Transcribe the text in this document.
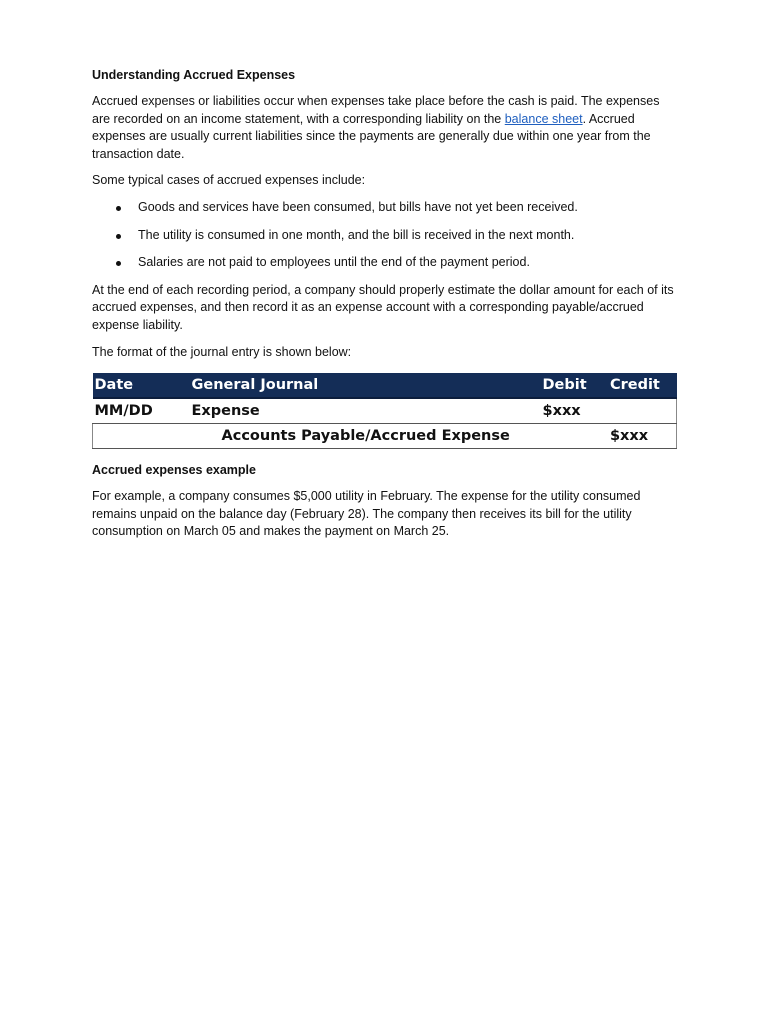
Understanding Accrued Expenses

Accrued expenses or liabilities occur when expenses take place before the cash is paid. The expenses are recorded on an income statement, with a corresponding liability on the balance sheet. Accrued expenses are usually current liabilities since the payments are generally due within one year from the transaction date.

Some typical cases of accrued expenses include:

Goods and services have been consumed, but bills have not yet been received.
The utility is consumed in one month, and the bill is received in the next month.
Salaries are not paid to employees until the end of the payment period.

At the end of each recording period, a company should properly estimate the dollar amount for each of its accrued expenses, and then record it as an expense account with a corresponding payable/accrued expense liability.

The format of the journal entry is shown below:

Date	General Journal	Debit	Credit
MM/DD	Expense	$xxx	
	Accounts Payable/Accrued Expense		$xxx
Accrued expenses example

For example, a company consumes $5,000 utility in February. The expense for the utility consumed remains unpaid on the balance day (February 28). The company then receives its bill for the utility consumption on March 05 and makes the payment on March 25.
